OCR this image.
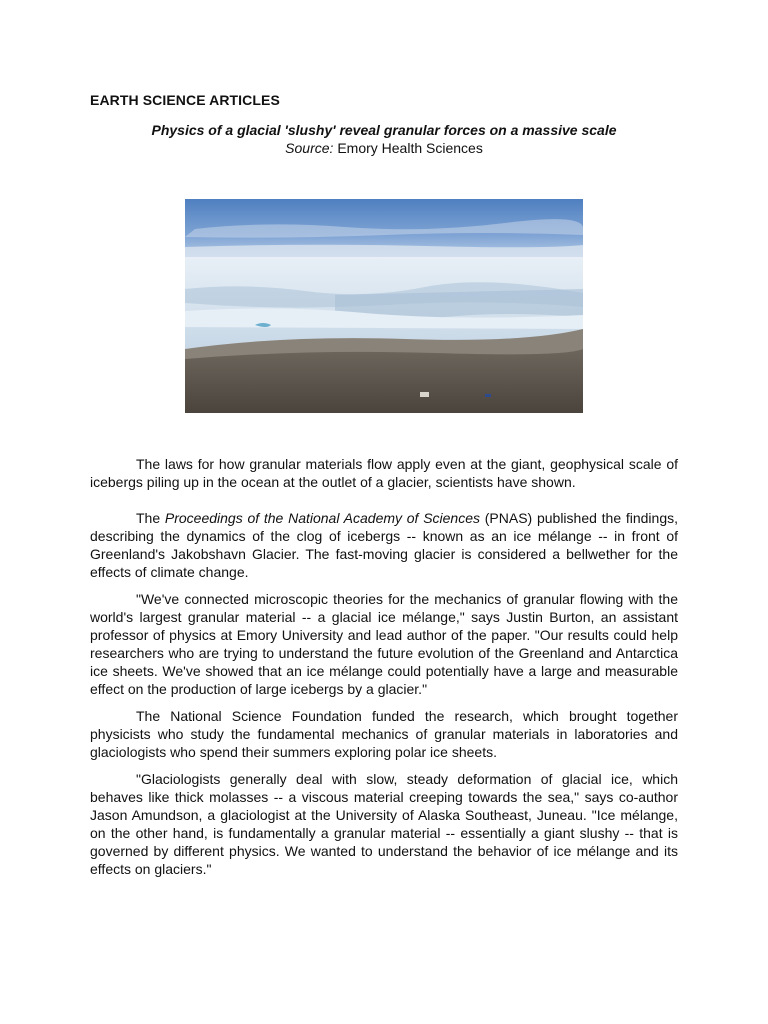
EARTH SCIENCE ARTICLES
Physics of a glacial 'slushy' reveal granular forces on a massive scale
Source: Emory Health Sciences

The laws for how granular materials flow apply even at the giant, geophysical scale of icebergs piling up in the ocean at the outlet of a glacier, scientists have shown.

The Proceedings of the National Academy of Sciences (PNAS) published the findings, describing the dynamics of the clog of icebergs -- known as an ice mélange -- in front of Greenland's Jakobshavn Glacier. The fast-moving glacier is considered a bellwether for the effects of climate change.

"We've connected microscopic theories for the mechanics of granular flowing with the world's largest granular material -- a glacial ice mélange," says Justin Burton, an assistant professor of physics at Emory University and lead author of the paper. "Our results could help researchers who are trying to understand the future evolution of the Greenland and Antarctica ice sheets. We've showed that an ice mélange could potentially have a large and measurable effect on the production of large icebergs by a glacier."

The National Science Foundation funded the research, which brought together physicists who study the fundamental mechanics of granular materials in laboratories and glaciologists who spend their summers exploring polar ice sheets.

"Glaciologists generally deal with slow, steady deformation of glacial ice, which behaves like thick molasses -- a viscous material creeping towards the sea," says co-author Jason Amundson, a glaciologist at the University of Alaska Southeast, Juneau. "Ice mélange, on the other hand, is fundamentally a granular material -- essentially a giant slushy -- that is governed by different physics. We wanted to understand the behavior of ice mélange and its effects on glaciers."
